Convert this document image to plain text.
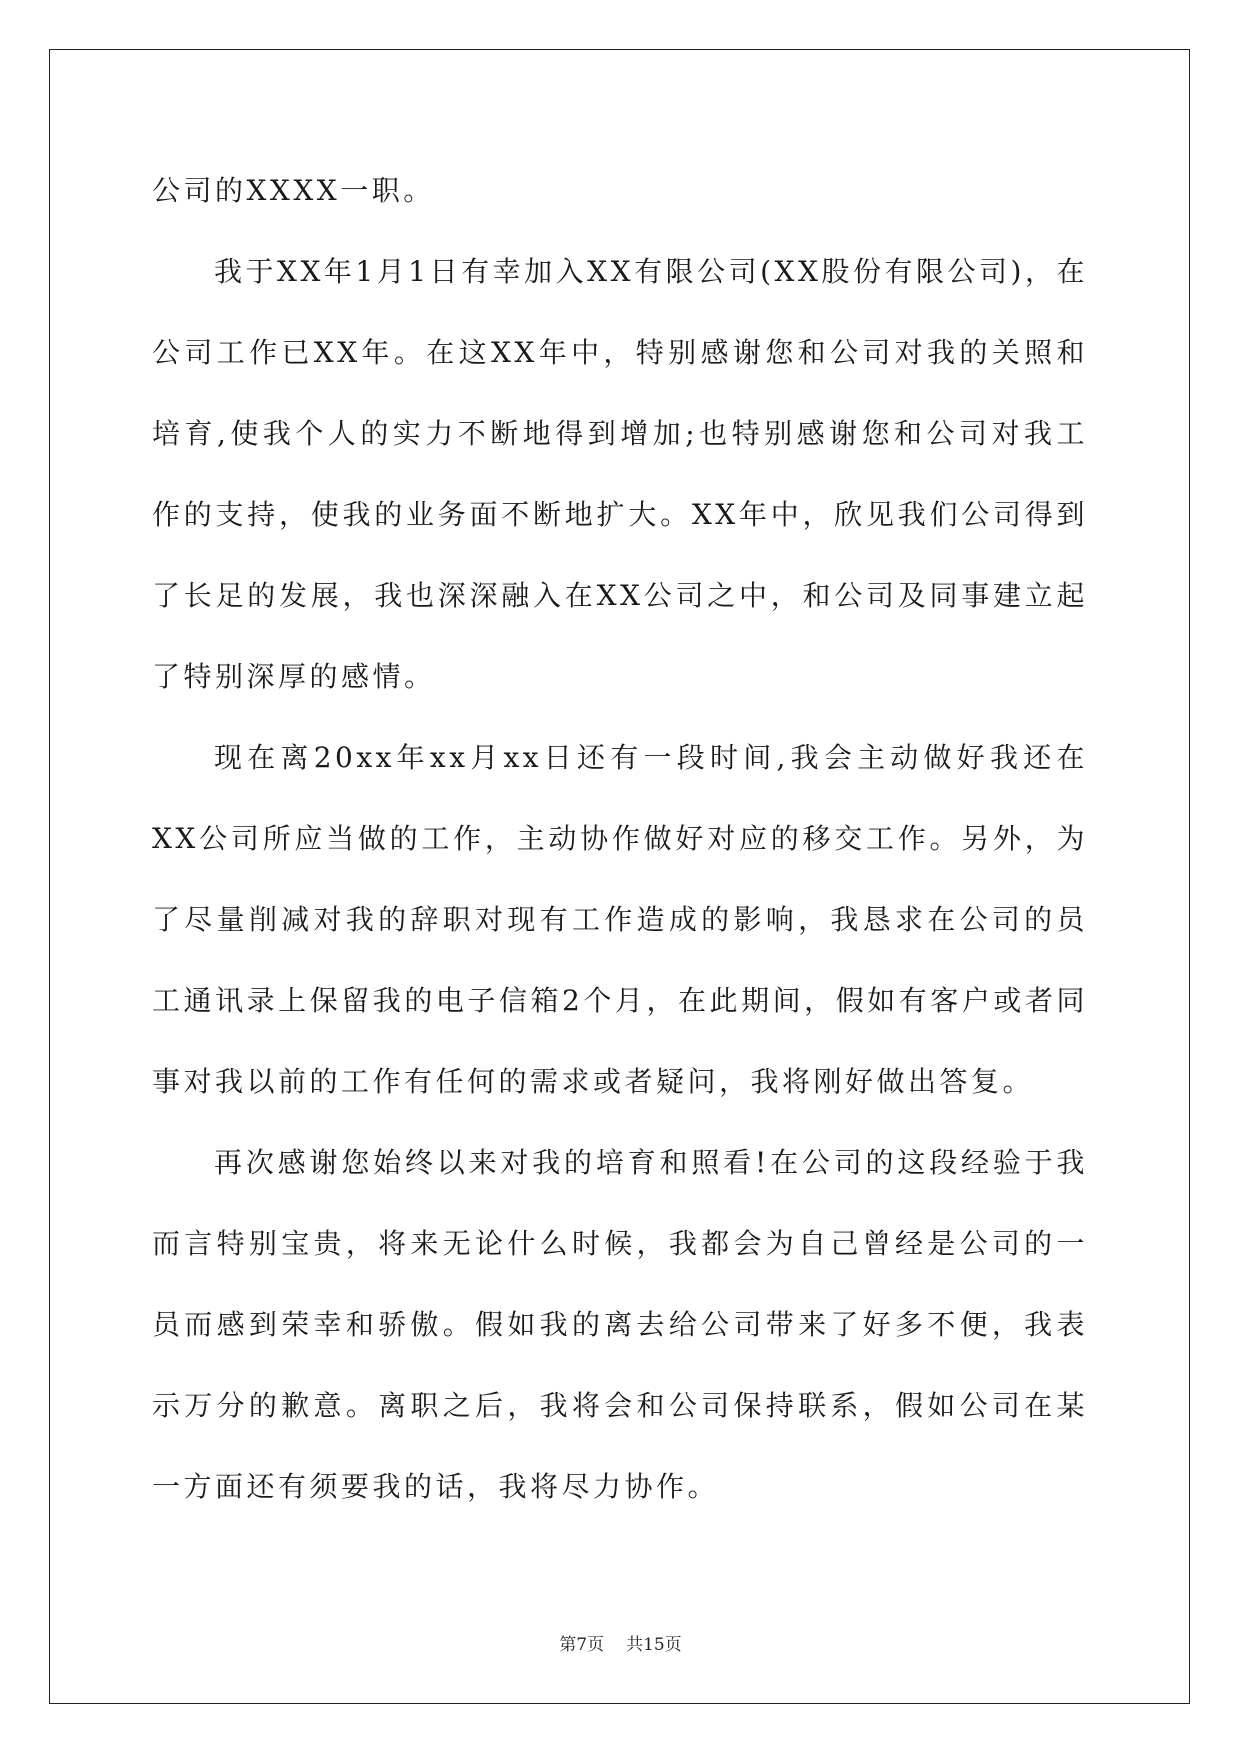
公司的XXXX一职。

我于XX年1月1日有幸加入XX有限公司(XX股份有限公司)，在公司工作已XX年。在这XX年中，特别感谢您和公司对我的关照和培育,使我个人的实力不断地得到增加;也特别感谢您和公司对我工作的支持，使我的业务面不断地扩大。XX年中，欣见我们公司得到了长足的发展，我也深深融入在XX公司之中，和公司及同事建立起了特别深厚的感情。

现在离20xx年xx月xx日还有一段时间,我会主动做好我还在XX公司所应当做的工作，主动协作做好对应的移交工作。另外，为了尽量削减对我的辞职对现有工作造成的影响，我恳求在公司的员工通讯录上保留我的电子信箱2个月，在此期间，假如有客户或者同事对我以前的工作有任何的需求或者疑问，我将刚好做出答复。

再次感谢您始终以来对我的培育和照看!在公司的这段经验于我而言特别宝贵，将来无论什么时候，我都会为自己曾经是公司的一员而感到荣幸和骄傲。假如我的离去给公司带来了好多不便，我表示万分的歉意。离职之后，我将会和公司保持联系，假如公司在某一方面还有须要我的话，我将尽力协作。

第7页 共15页
